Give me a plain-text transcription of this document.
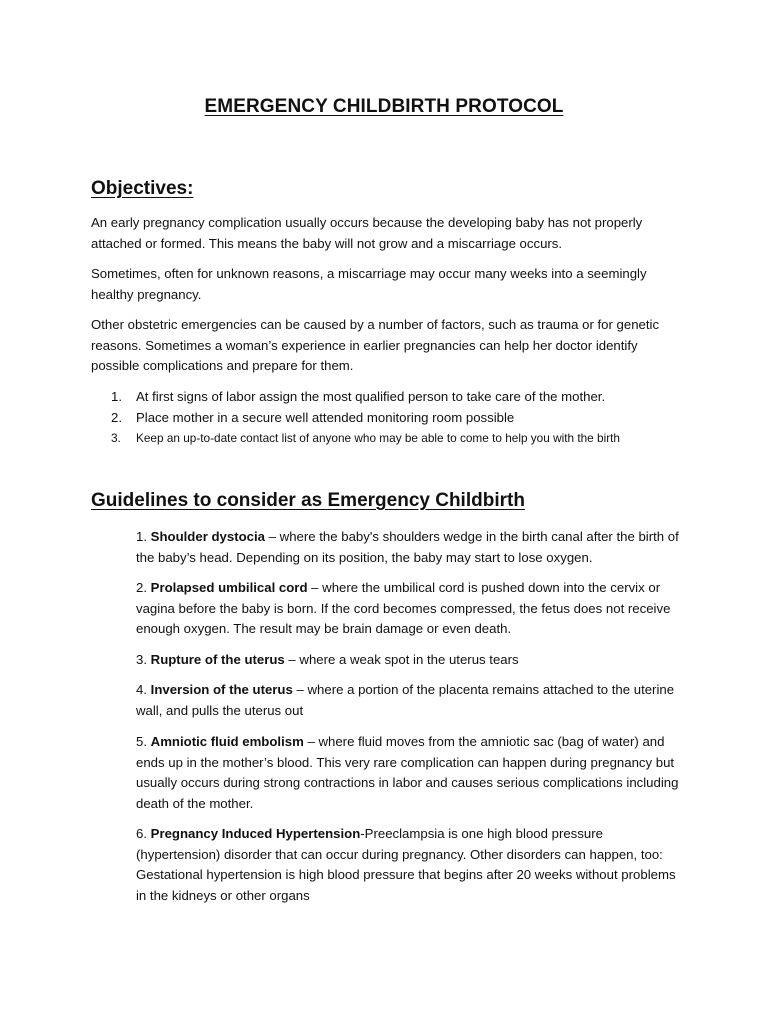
EMERGENCY CHILDBIRTH PROTOCOL
Objectives:
An early pregnancy complication usually occurs because the developing baby has not properly attached or formed. This means the baby will not grow and a miscarriage occurs.
Sometimes, often for unknown reasons, a miscarriage may occur many weeks into a seemingly healthy pregnancy.
Other obstetric emergencies can be caused by a number of factors, such as trauma or for genetic reasons. Sometimes a woman’s experience in earlier pregnancies can help her doctor identify possible complications and prepare for them.
1.	At first signs of labor assign the most qualified person to take care of the mother.
2.	Place mother in a secure well attended monitoring room possible
3.	Keep an up-to-date contact list of anyone who may be able to come to help you with the birth
Guidelines to consider as Emergency Childbirth
1. Shoulder dystocia – where the baby's shoulders wedge in the birth canal after the birth of the baby’s head. Depending on its position, the baby may start to lose oxygen.
2. Prolapsed umbilical cord – where the umbilical cord is pushed down into the cervix or vagina before the baby is born. If the cord becomes compressed, the fetus does not receive enough oxygen. The result may be brain damage or even death.
3. Rupture of the uterus – where a weak spot in the uterus tears
4. Inversion of the uterus – where a portion of the placenta remains attached to the uterine wall, and pulls the uterus out
5. Amniotic fluid embolism – where fluid moves from the amniotic sac (bag of water) and ends up in the mother’s blood. This very rare complication can happen during pregnancy but usually occurs during strong contractions in labor and causes serious complications including death of the mother.
6. Pregnancy Induced Hypertension-Preeclampsia is one high blood pressure (hypertension) disorder that can occur during pregnancy. Other disorders can happen, too: Gestational hypertension is high blood pressure that begins after 20 weeks without problems in the kidneys or other organs
